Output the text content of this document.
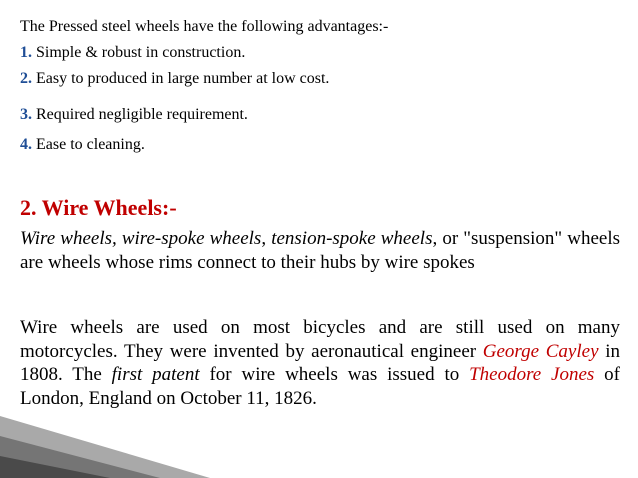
The Pressed steel wheels have the following advantages:-
1. Simple & robust in construction.
2. Easy to produced in large number at low cost.
3. Required negligible requirement.
4. Ease to cleaning.
2. Wire Wheels:-
Wire wheels, wire-spoke wheels, tension-spoke wheels, or "suspension" wheels are wheels whose rims connect to their hubs by wire spokes
Wire wheels are used on most bicycles and are still used on many motorcycles. They were invented by aeronautical engineer George Cayley in 1808. The first patent for wire wheels was issued to Theodore Jones of London, England on October 11, 1826.
